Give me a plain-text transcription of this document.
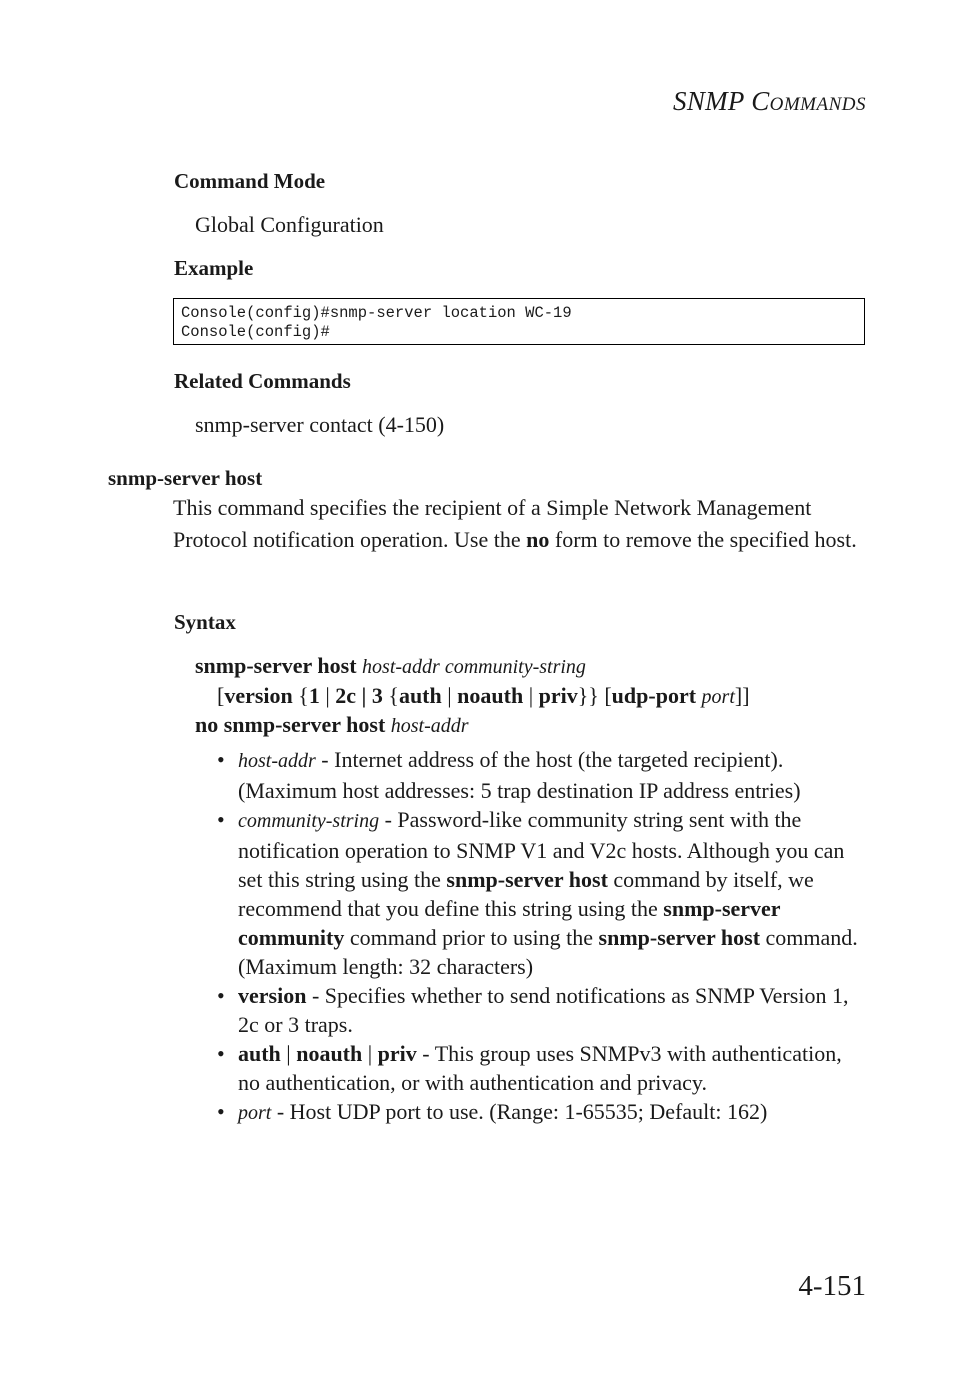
SNMP COMMANDS
Command Mode
Global Configuration
Example
Console(config)#snmp-server location WC-19
Console(config)#
Related Commands
snmp-server contact (4-150)
snmp-server host
This command specifies the recipient of a Simple Network Management Protocol notification operation. Use the no form to remove the specified host.
Syntax
snmp-server host host-addr community-string
[version {1 | 2c | 3 {auth | noauth | priv}} [udp-port port]]
no snmp-server host host-addr
• host-addr - Internet address of the host (the targeted recipient). (Maximum host addresses: 5 trap destination IP address entries)
• community-string - Password-like community string sent with the notification operation to SNMP V1 and V2c hosts. Although you can set this string using the snmp-server host command by itself, we recommend that you define this string using the snmp-server community command prior to using the snmp-server host command. (Maximum length: 32 characters)
• version - Specifies whether to send notifications as SNMP Version 1, 2c or 3 traps.
• auth | noauth | priv - This group uses SNMPv3 with authentication, no authentication, or with authentication and privacy.
• port - Host UDP port to use. (Range: 1-65535; Default: 162)
4-151
